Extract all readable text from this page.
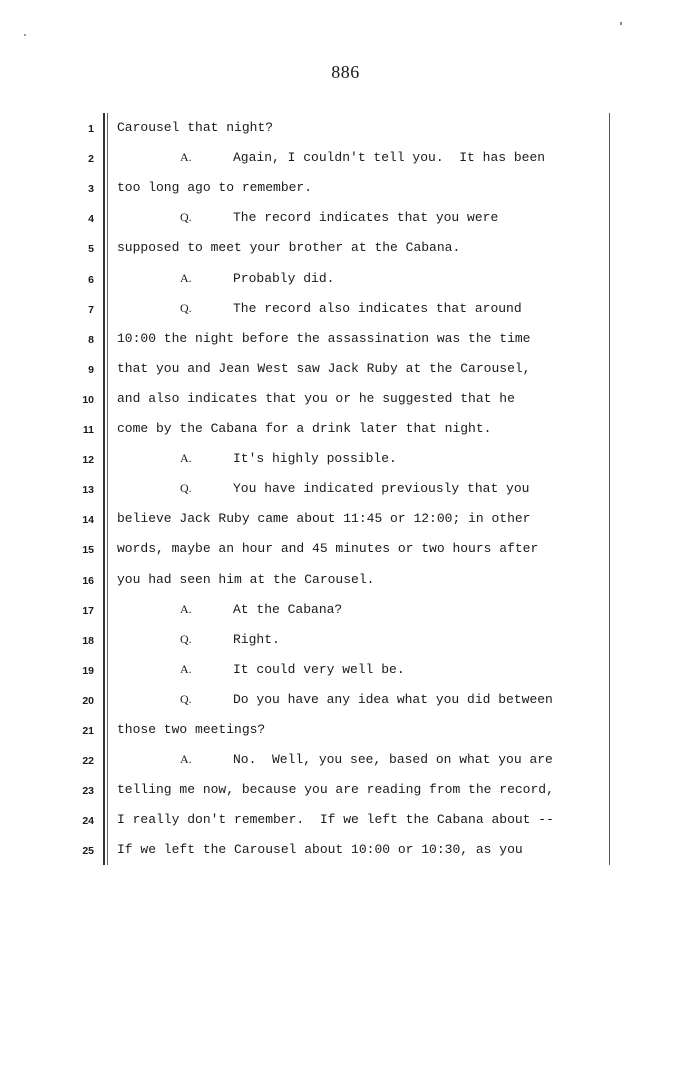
886
1 Carousel that night?
2	A.	Again, I couldn't tell you.  It has been
3 too long ago to remember.
4	Q.	The record indicates that you were
5 supposed to meet your brother at the Cabana.
6	A.	Probably did.
7	Q.	The record also indicates that around
8 10:00 the night before the assassination was the time
9 that you and Jean West saw Jack Ruby at the Carousel,
10 and also indicates that you or he suggested that he
11 come by the Cabana for a drink later that night.
12	A.	It's highly possible.
13	Q.	You have indicated previously that you
14 believe Jack Ruby came about 11:45 or 12:00; in other
15 words, maybe an hour and 45 minutes or two hours after
16 you had seen him at the Carousel.
17	A.	At the Cabana?
18	Q.	Right.
19	A.	It could very well be.
20	Q.	Do you have any idea what you did between
21 those two meetings?
22	A.	No.  Well, you see, based on what you are
23 telling me now, because you are reading from the record,
24 I really don't remember.  If we left the Cabana about --
25 If we left the Carousel about 10:00 or 10:30, as you
